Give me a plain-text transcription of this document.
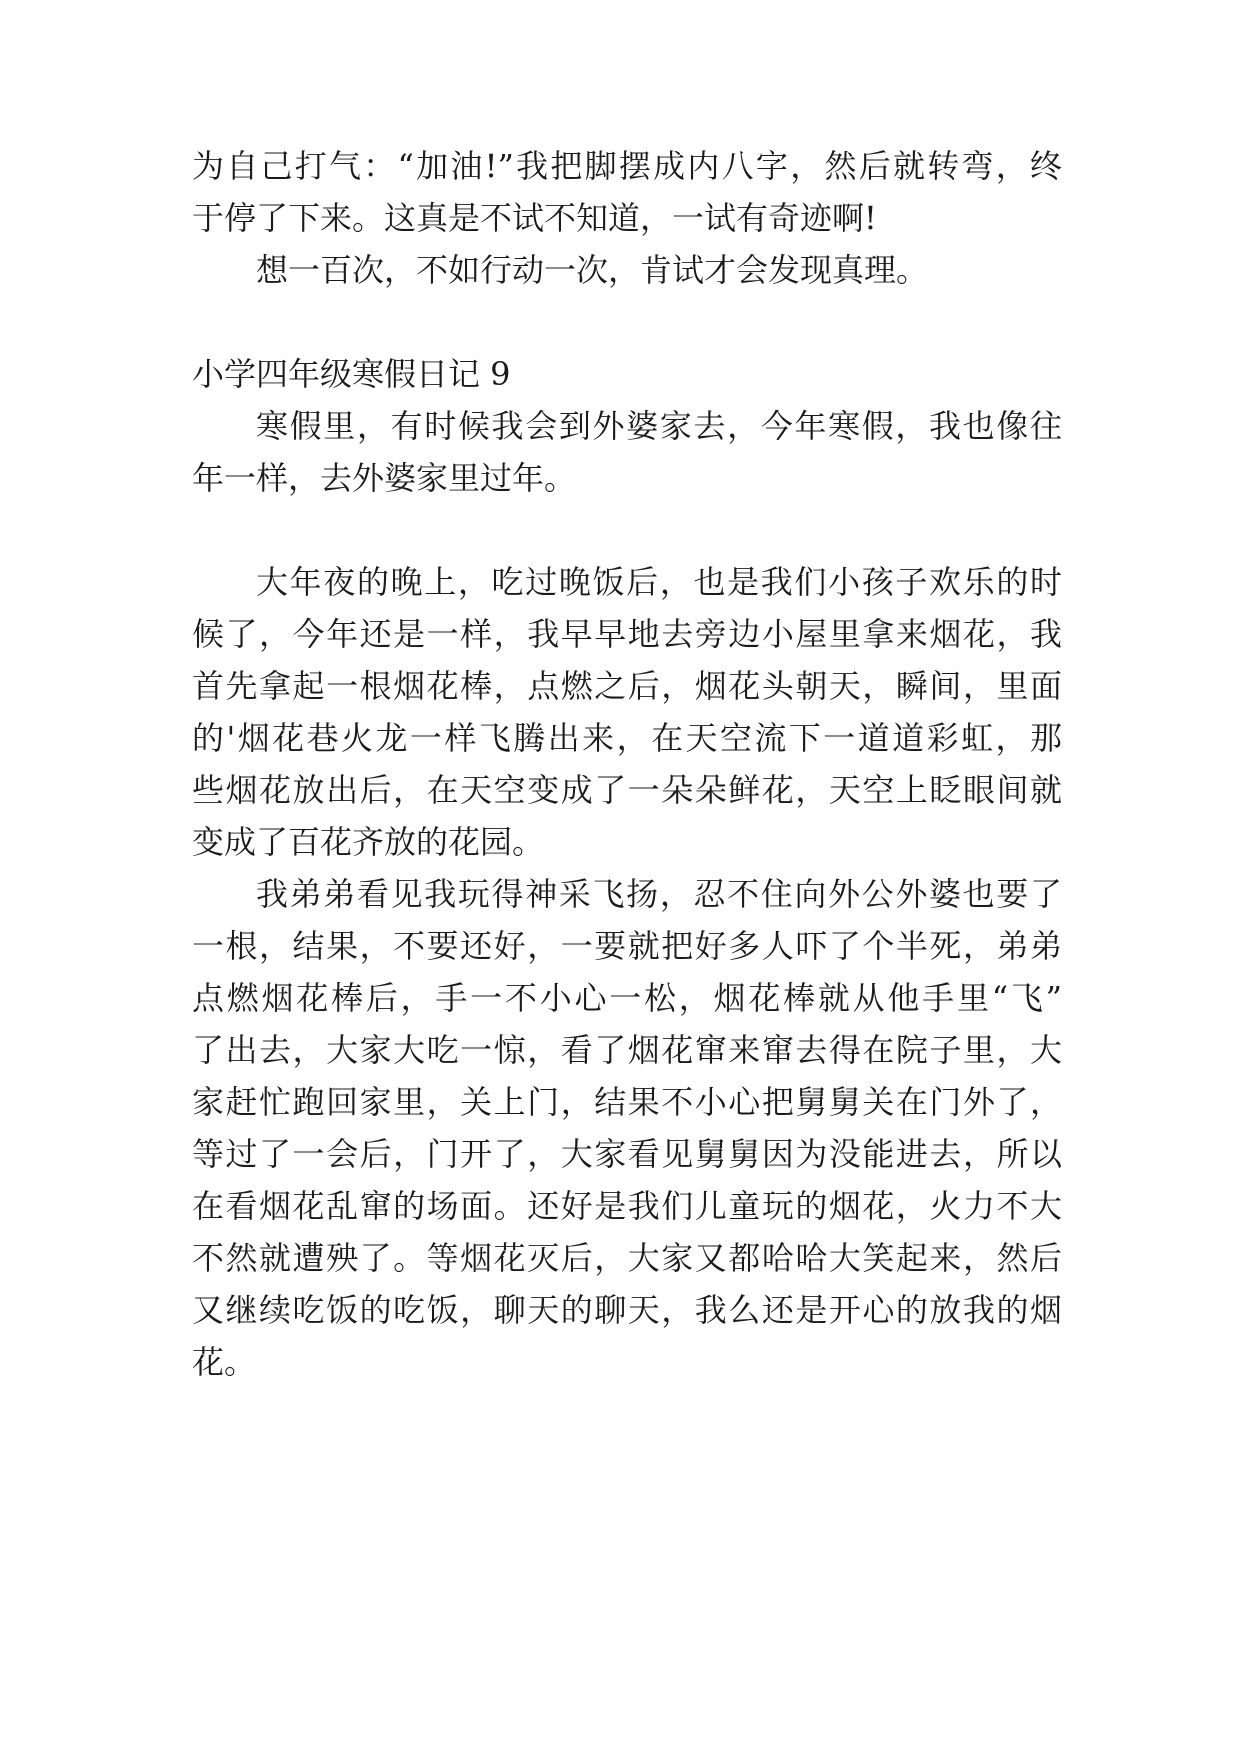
为自己打气：“加油!”我把脚摆成内八字，然后就转弯，终
于停了下来。这真是不试不知道，一试有奇迹啊!
想一百次，不如行动一次，肯试才会发现真理。
小学四年级寒假日记 9
寒假里，有时候我会到外婆家去，今年寒假，我也像往
年一样，去外婆家里过年。
大年夜的晚上，吃过晚饭后，也是我们小孩子欢乐的时
候了，今年还是一样，我早早地去旁边小屋里拿来烟花，我
首先拿起一根烟花棒，点燃之后，烟花头朝天，瞬间，里面
的'烟花巷火龙一样飞腾出来，在天空流下一道道彩虹，那
些烟花放出后，在天空变成了一朵朵鲜花，天空上眨眼间就
变成了百花齐放的花园。
我弟弟看见我玩得神采飞扬，忍不住向外公外婆也要了
一根，结果，不要还好，一要就把好多人吓了个半死，弟弟
点燃烟花棒后，手一不小心一松，烟花棒就从他手里“飞”
了出去，大家大吃一惊，看了烟花窜来窜去得在院子里，大
家赶忙跑回家里，关上门，结果不小心把舅舅关在门外了，
等过了一会后，门开了，大家看见舅舅因为没能进去，所以
在看烟花乱窜的场面。还好是我们儿童玩的烟花，火力不大
不然就遭殃了。等烟花灭后，大家又都哈哈大笑起来，然后
又继续吃饭的吃饭，聊天的聊天，我么还是开心的放我的烟
花。
